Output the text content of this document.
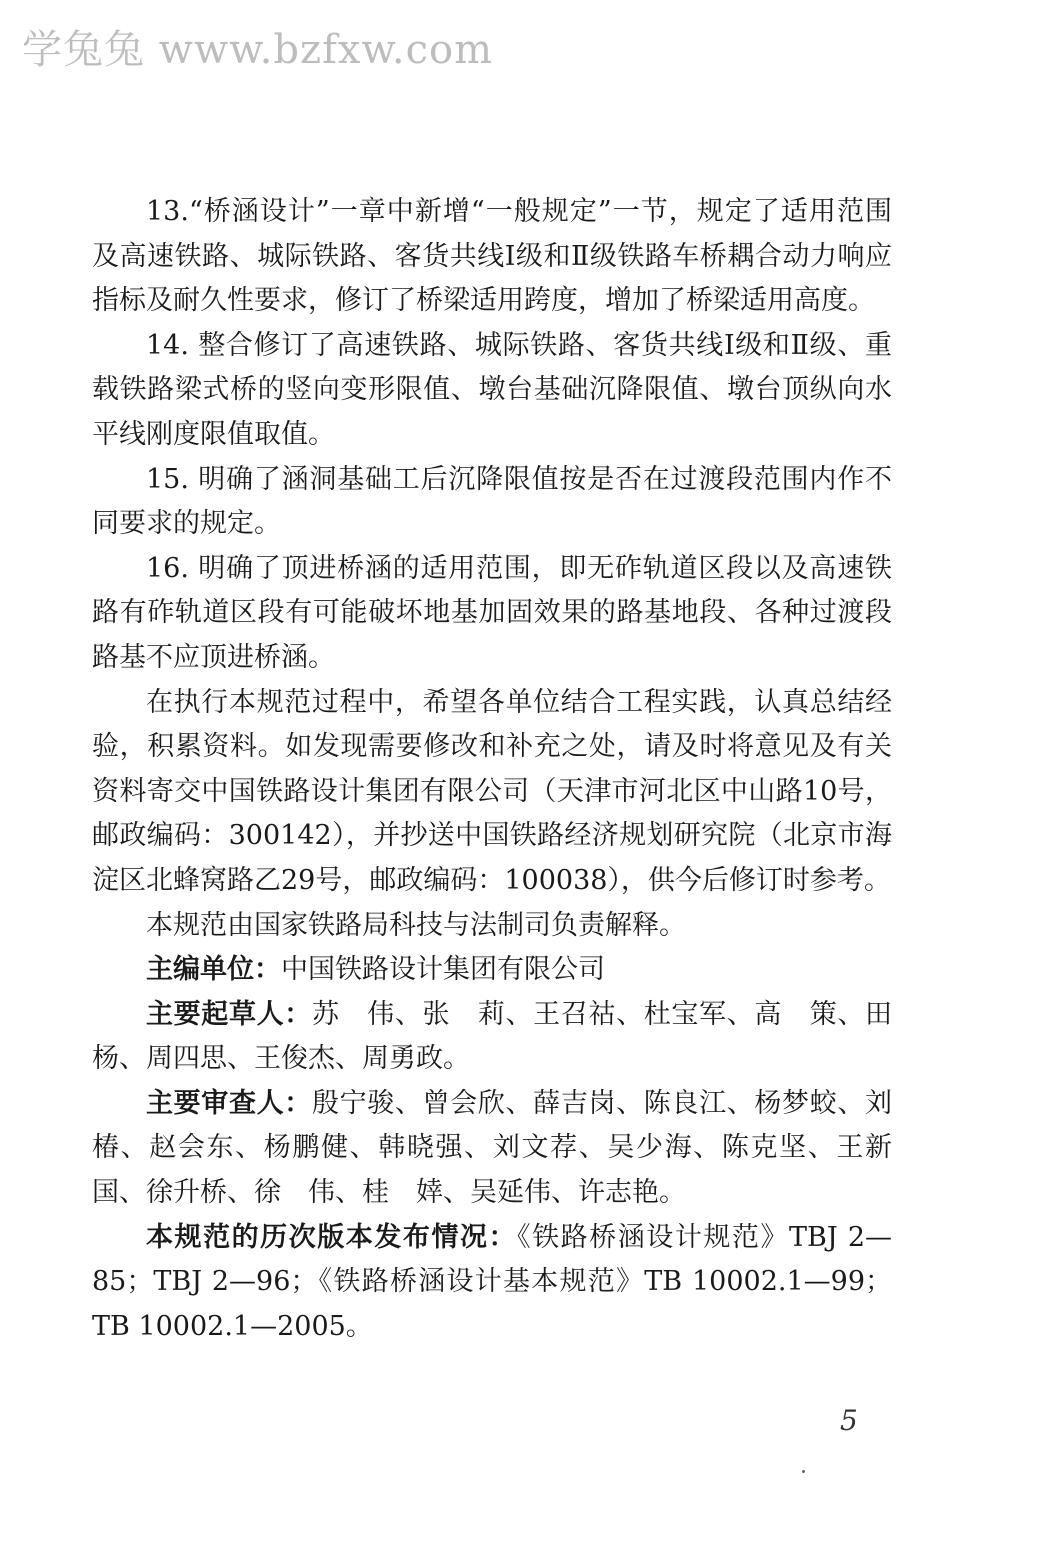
学兔兔 www.bzfxw.com

13.“桥涵设计”一章中新增“一般规定”一节，规定了适用范围及高速铁路、城际铁路、客货共线Ⅰ级和Ⅱ级铁路车桥耦合动力响应指标及耐久性要求，修订了桥梁适用跨度，增加了桥梁适用高度。

14. 整合修订了高速铁路、城际铁路、客货共线Ⅰ级和Ⅱ级、重载铁路梁式桥的竖向变形限值、墩台基础沉降限值、墩台顶纵向水平线刚度限值取值。

15. 明确了涵洞基础工后沉降限值按是否在过渡段范围内作不同要求的规定。

16. 明确了顶进桥涵的适用范围，即无砟轨道区段以及高速铁路有砟轨道区段有可能破坏地基加固效果的路基地段、各种过渡段路基不应顶进桥涵。

在执行本规范过程中，希望各单位结合工程实践，认真总结经验，积累资料。如发现需要修改和补充之处，请及时将意见及有关资料寄交中国铁路设计集团有限公司（天津市河北区中山路10号，邮政编码：300142），并抄送中国铁路经济规划研究院（北京市海淀区北蜂窝路乙29号，邮政编码：100038），供今后修订时参考。

本规范由国家铁路局科技与法制司负责解释。

主编单位：中国铁路设计集团有限公司

主要起草人：苏　伟、张　莉、王召祜、杜宝军、高　策、田　杨、周四思、王俊杰、周勇政。

主要审查人：殷宁骏、曾会欣、薛吉岗、陈良江、杨梦蛟、刘　椿、赵会东、杨鹏健、韩晓强、刘文荐、吴少海、陈克坚、王新国、徐升桥、徐　伟、桂　婞、吴延伟、许志艳。

本规范的历次版本发布情况：《铁路桥涵设计规范》TBJ 2—85；TBJ 2—96；《铁路桥涵设计基本规范》TB 10002.1—99；TB 10002.1—2005。

5
